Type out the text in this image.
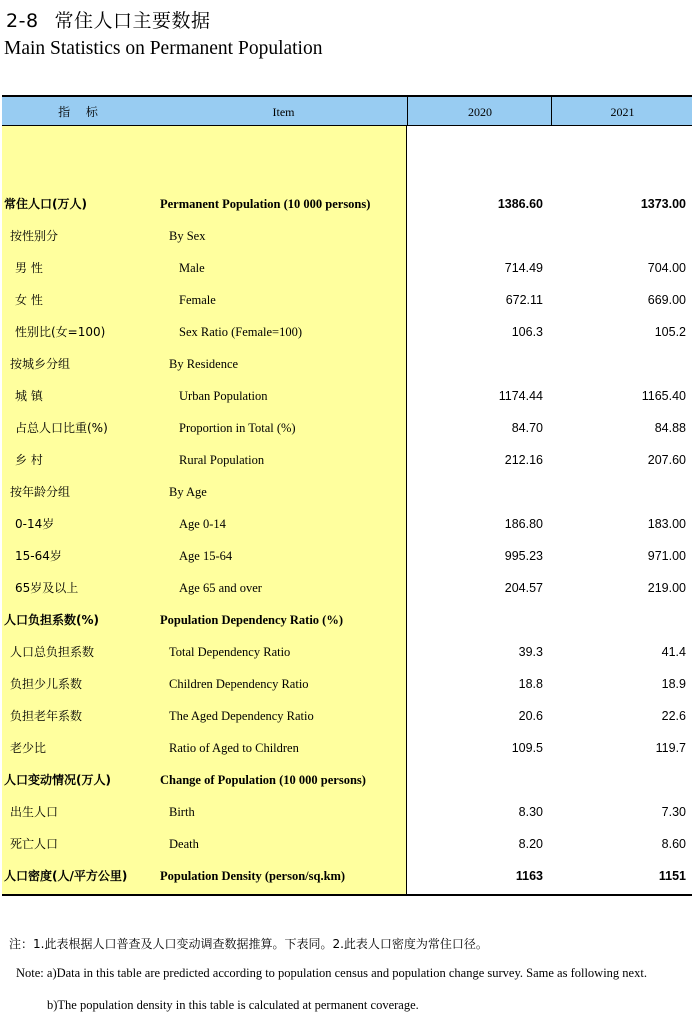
2-8 常住人口主要数据
Main Statistics on Permanent Population
指 标	Item	2020	2021
常住人口(万人)	Permanent Population (10 000 persons)	1386.60	1373.00
按性别分	By Sex
男 性	Male	714.49	704.00
女 性	Female	672.11	669.00
性别比(女=100)	Sex Ratio (Female=100)	106.3	105.2
按城乡分组	By Residence
城 镇	Urban Population	1174.44	1165.40
占总人口比重(%)	Proportion in Total (%)	84.70	84.88
乡 村	Rural Population	212.16	207.60
按年龄分组	By Age
0-14岁	Age 0-14	186.80	183.00
15-64岁	Age 15-64	995.23	971.00
65岁及以上	Age 65 and over	204.57	219.00
人口负担系数(%)	Population Dependency Ratio (%)
人口总负担系数	Total Dependency Ratio	39.3	41.4
负担少儿系数	Children Dependency Ratio	18.8	18.9
负担老年系数	The Aged Dependency Ratio	20.6	22.6
老少比	Ratio of Aged to Children	109.5	119.7
人口变动情况(万人)	Change of Population (10 000 persons)
出生人口	Birth	8.30	7.30
死亡人口	Death	8.20	8.60
人口密度(人/平方公里)	Population Density (person/sq.km)	1163	1151
注：1.此表根据人口普查及人口变动调查数据推算。下表同。2.此表人口密度为常住口径。
Note: a)Data in this table are predicted according to population census and population change survey. Same as following next.
b)The population density in this table is calculated at permanent coverage.
